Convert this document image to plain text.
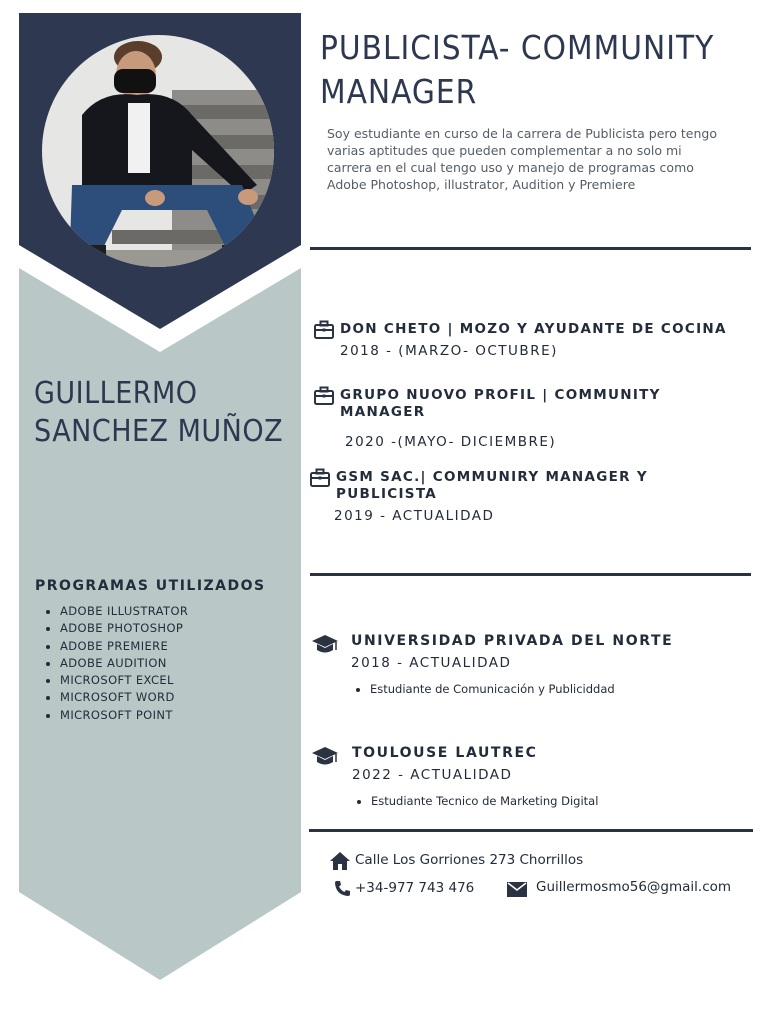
GUILLERMO
SANCHEZ MUÑOZ
PROGRAMAS UTILIZADOS
• ADOBE ILLUSTRATOR
• ADOBE PHOTOSHOP
• ADOBE PREMIERE
• ADOBE AUDITION
• MICROSOFT EXCEL
• MICROSOFT WORD
• MICROSOFT POINT
PUBLICISTA- COMMUNITY
MANAGER
Soy estudiante en curso de la carrera de Publicista pero tengo varias aptitudes que pueden complementar a no solo mi carrera en el cual tengo uso y manejo de programas como Adobe Photoshop, illustrator, Audition y Premiere
DON CHETO | MOZO Y AYUDANTE DE COCINA
2018 - (MARZO- OCTUBRE)
GRUPO NUOVO PROFIL | COMMUNITY MANAGER
2020 -(MAYO- DICIEMBRE)
GSM SAC.| COMMUNIRY MANAGER Y PUBLICISTA
2019 - ACTUALIDAD
UNIVERSIDAD PRIVADA DEL NORTE
2018 - ACTUALIDAD
• Estudiante de Comunicación y Publiciddad
TOULOUSE LAUTREC
2022 - ACTUALIDAD
• Estudiante Tecnico de Marketing Digital
Calle Los Gorriones 273 Chorrillos
+34-977 743 476	Guillermosmo56@gmail.com
